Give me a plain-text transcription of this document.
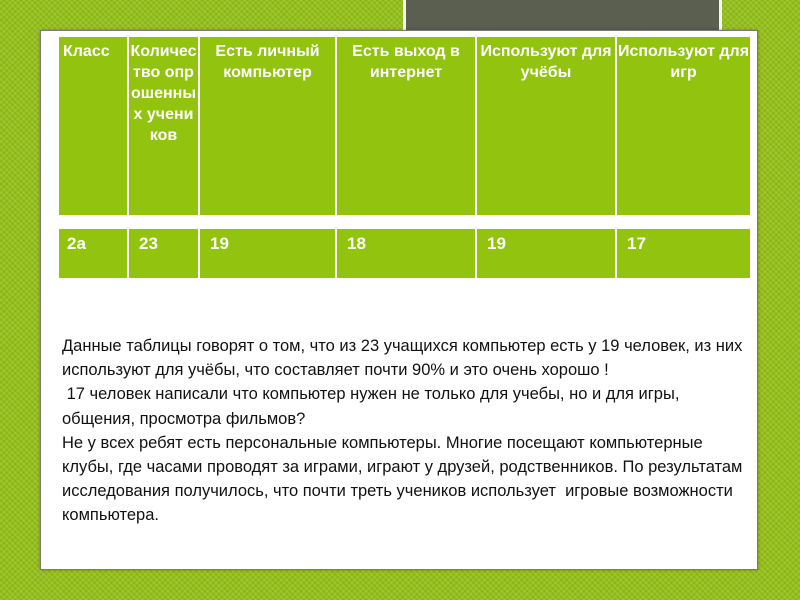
Класс	Количество опрошенных учеников	Есть личный компьютер	Есть выход в интернет	Используют для учёбы	Используют для игр
2а	23	19	18	19	17

Данные таблицы говорят о том, что из 23 учащихся компьютер есть у 19 человек, из них используют для учёбы, что составляет почти 90% и это очень хорошо !

17 человек написали что компьютер нужен не только для учебы, но и для игры, общения, просмотра фильмов?

Не у всех ребят есть персональные компьютеры. Многие посещают компьютерные клубы, где часами проводят за играми, играют у друзей, родственников. По результатам исследования получилось, что почти треть учеников использует  игровые возможности компьютера.
